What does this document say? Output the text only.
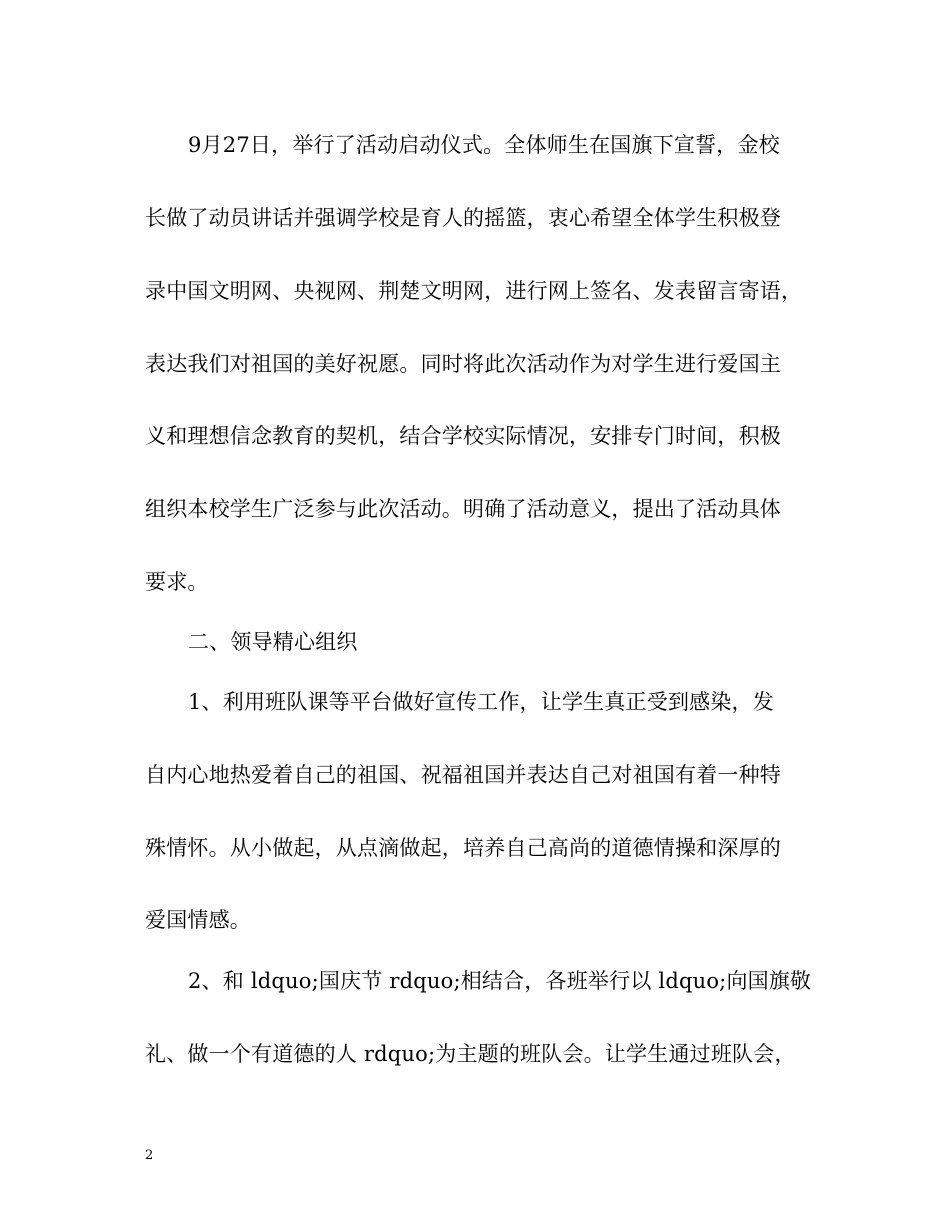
9月27日，举行了活动启动仪式。全体师生在国旗下宣誓，金校
长做了动员讲话并强调学校是育人的摇篮，衷心希望全体学生积极登
录中国文明网、央视网、荆楚文明网，进行网上签名、发表留言寄语，
表达我们对祖国的美好祝愿。同时将此次活动作为对学生进行爱国主
义和理想信念教育的契机，结合学校实际情况，安排专门时间，积极
组织本校学生广泛参与此次活动。明确了活动意义，提出了活动具体
要求。
二、领导精心组织
1、利用班队课等平台做好宣传工作，让学生真正受到感染，发
自内心地热爱着自己的祖国、祝福祖国并表达自己对祖国有着一种特
殊情怀。从小做起，从点滴做起，培养自己高尚的道德情操和深厚的
爱国情感。
2、和 ldquo;国庆节 rdquo;相结合，各班举行以 ldquo;向国旗敬
礼、做一个有道德的人 rdquo;为主题的班队会。让学生通过班队会，
2
